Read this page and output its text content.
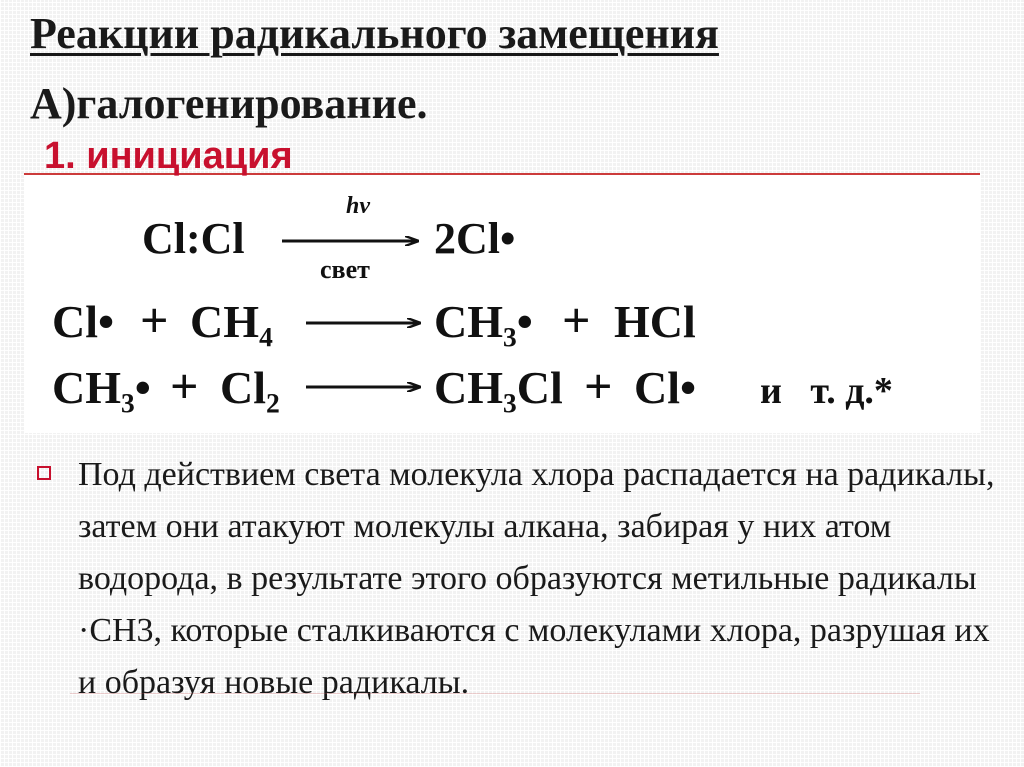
Реакции радикального замещения
А)галогенирование.
1. инициация
Cl:Cl
hν
свет
2Cl•
Cl• + CH₄	CH₃• + HCl
CH₃• + Cl₂	CH₃Cl + Cl• и   т. д.*

Под действием света молекула хлора распадается на радикалы, затем они атакуют молекулы алкана, забирая у них атом водорода, в результате этого образуются метильные радикалы ·СН3, которые сталкиваются с молекулами хлора, разрушая их и образуя новые радикалы.
